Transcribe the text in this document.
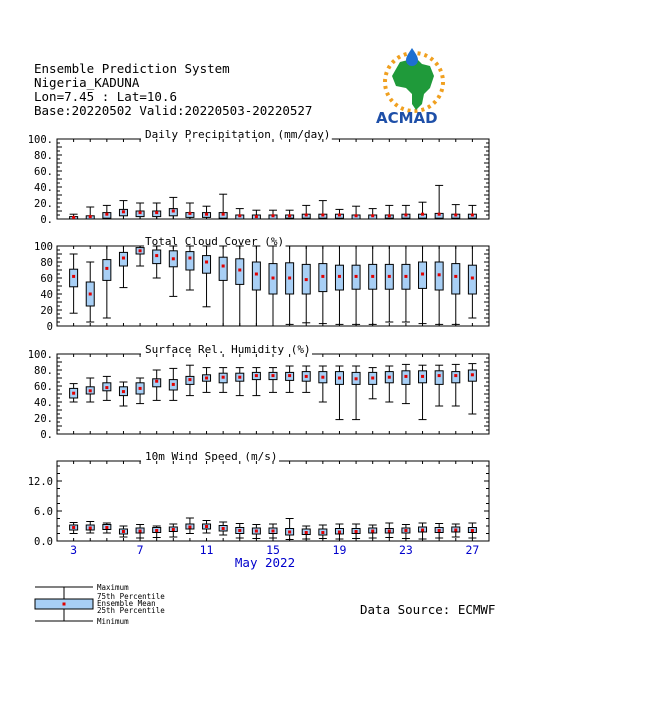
Ensemble Prediction System
Nigeria_KADUNA
Lon=7.45 : Lat=10.6
Base:20220502 Valid:20220503-20220527	ACMAD
Daily Precipitation (mm/day)
0.
20.
40.
60.
80.
100.
Total Cloud Cover (%)
0
20
40
60
80
100
Surface Rel. Humidity (%)
0.
20.
40.
60.
80.
100.
10m Wind Speed (m/s)
0.0
6.0
12.0
3	7	11	15	19	23	27
May 2022
Maximum
75th Percentile
Ensemble Mean
25th Percentile
Minimum
Data Source: ECMWF
